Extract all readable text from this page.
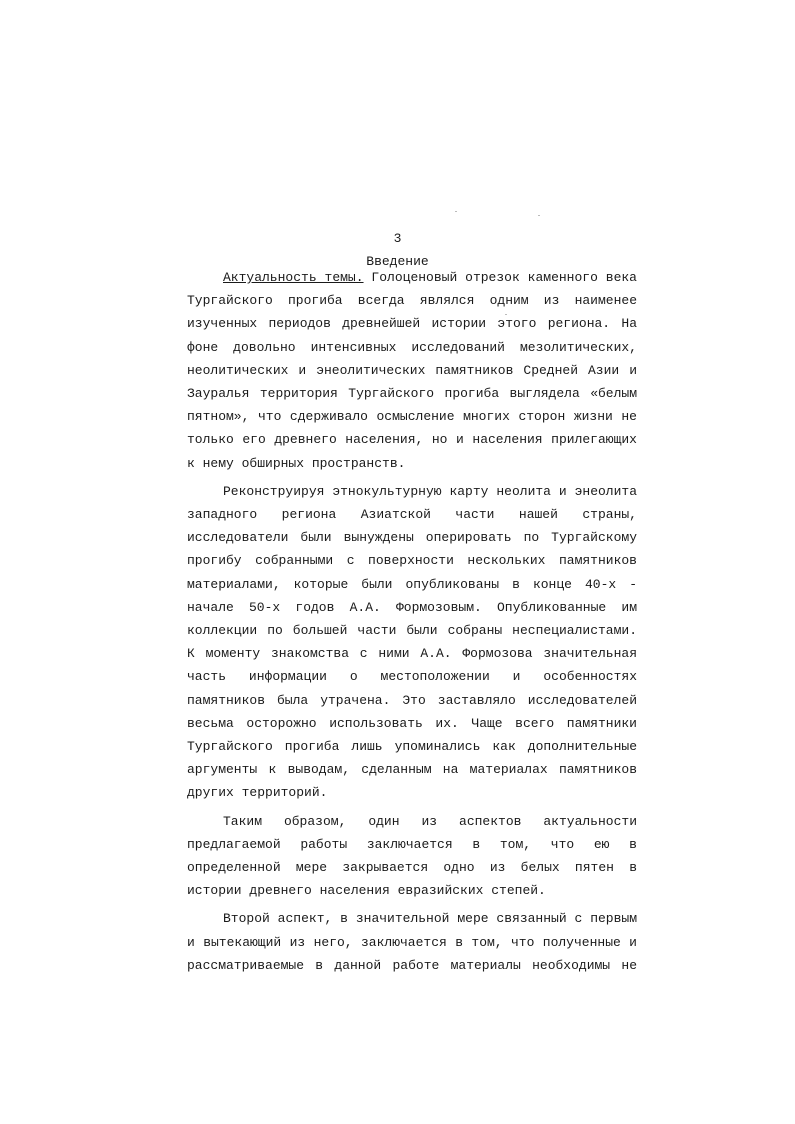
3
Введение

Актуальность темы. Голоценовый отрезок каменного века Тургайского прогиба всегда являлся одним из наименее изученных периодов древнейшей истории этого региона. На фоне довольно интенсивных исследований мезолитических, неолитических и энеолитических памятников Средней Азии и Зауралья территория Тургайского прогиба выглядела «белым пятном», что сдерживало осмысление многих сторон жизни не только его древнего населения, но и населения прилегающих к нему обширных пространств.

Реконструируя этнокультурную карту неолита и энеолита западного региона Азиатской части нашей страны, исследователи были вынуждены оперировать по Тургайскому прогибу собранными с поверхности нескольких памятников материалами, которые были опубликованы в конце 40-х - начале 50-х годов А.А. Формозовым. Опубликованные им коллекции по большей части были собраны неспециалистами. К моменту знакомства с ними А.А. Формозова значительная часть информации о местоположении и особенностях памятников была утрачена. Это заставляло исследователей весьма осторожно использовать их. Чаще всего памятники Тургайского прогиба лишь упоминались как дополнительные аргументы к выводам, сделанным на материалах памятников других территорий.

Таким образом, один из аспектов актуальности предлагаемой работы заключается в том, что ею в определенной мере закрывается одно из белых пятен в истории древнего населения евразийских степей.

Второй аспект, в значительной мере связанный с первым и вытекающий из него, заключается в том, что полученные и рассматриваемые в данной работе материалы необходимы не
